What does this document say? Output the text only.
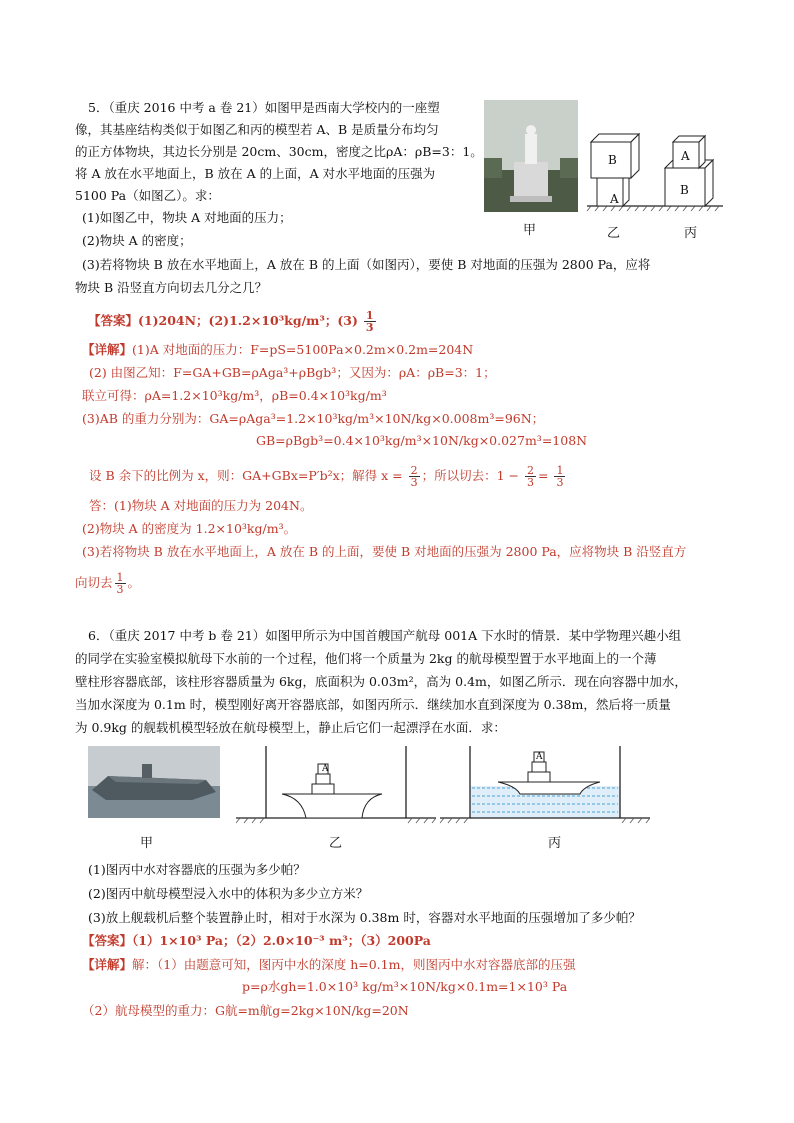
5．（重庆 2016 中考 a 卷 21）如图甲是西南大学校内的一座塑
像，其基座结构类似于如图乙和丙的模型若 A、B 是质量分布均匀
的正方体物块，其边长分别是 20cm、30cm，密度之比ρA：ρB=3：1。
将 A 放在水平地面上，B 放在 A 的上面，A 对水平地面的压强为
5100 Pa（如图乙）。求：
(1)如图乙中，物块 A 对地面的压力；
(2)物块 A 的密度；
(3)若将物块 B 放在水平地面上，A 放在 B 的上面（如图丙），要使 B 对地面的压强为 2800 Pa，应将
物块 B 沿竖直方向切去几分之几？
甲
A
B
B
A
乙	丙
【答案】(1)204N；(2)1.2×10³kg/m³；$(3) \frac{1}{3}$
【详解】(1)A 对地面的压力：F=pS=5100Pa×0.2m×0.2m=204N
(2) 由图乙知：F=GA+GB=ρAga³+ρBgb³；又因为：ρA：ρB=3：1；
联立可得：ρA=1.2×10³kg/m³，ρB=0.4×10³kg/m³
(3)AB 的重力分别为：GA=ρAga³=1.2×10³kg/m³×10N/kg×0.008m³=96N；
GB=ρBgb³=0.4×10³kg/m³×10N/kg×0.027m³=108N
设 B 余下的比例为 x，则：GA+GBx=P′b²x；解得 $x = \frac{2}{3}$ ；所以切去：$1 - \frac{2}{3} = \frac{1}{3}$
答：(1)物块 A 对地面的压力为 204N。
(2)物块 A 的密度为 1.2×10³kg/m³。
(3)若将物块 B 放在水平地面上，A 放在 B 的上面，要使 B 对地面的压强为 2800 Pa，应将物块 B 沿竖直方
向切去 $\frac{1}{3}$ 。
6．（重庆 2017 中考 b 卷 21）如图甲所示为中国首艘国产航母 001A 下水时的情景．某中学物理兴趣小组
的同学在实验室模拟航母下水前的一个过程，他们将一个质量为 2kg 的航母模型置于水平地面上的一个薄
壁柱形容器底部，该柱形容器质量为 6kg，底面积为 0.03m²，高为 0.4m，如图乙所示．现在向容器中加水，
当加水深度为 0.1m 时，模型刚好离开容器底部，如图丙所示．继续加水直到深度为 0.38m，然后将一质量
为 0.9kg 的舰载机模型轻放在航母模型上，静止后它们一起漂浮在水面．求：
甲
A
乙
A
丙
(1)图丙中水对容器底的压强为多少帕？
(2)图丙中航母模型浸入水中的体积为多少立方米？
(3)放上舰载机后整个装置静止时，相对于水深为 0.38m 时，容器对水平地面的压强增加了多少帕？
【答案】（1）1×10³ Pa；（2）2.0×10⁻³ m³；（3）200Pa
【详解】解：（1）由题意可知，图丙中水的深度 h=0.1m，则图丙中水对容器底部的压强
p=ρ水gh=1.0×10³ kg/m³×10N/kg×0.1m=1×10³ Pa
（2）航母模型的重力：G航=m航g=2kg×10N/kg=20N
